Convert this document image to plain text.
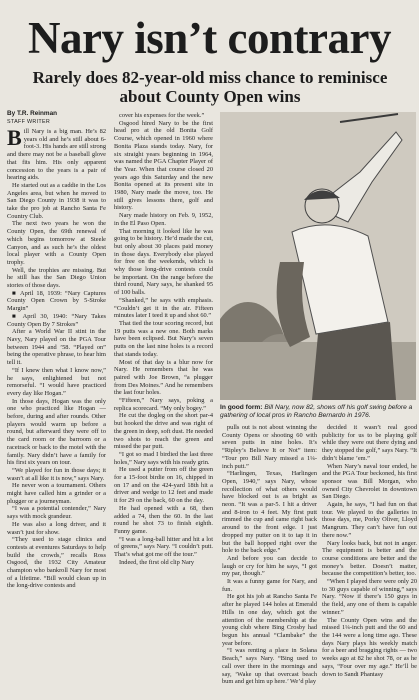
Nary isn’t contrary
Rarely does 82-year-old miss chance to reminisce about County Open wins
By T.R. Reinman
STAFF WRITER

Bill Nary is a big man. He’s 82 years old and he’s still about 6-foot-3. His hands are still strong and there may not be a baseball glove that fits him. His only apparent concession to the years is a pair of hearing aids.

He started out as a caddie in the Los Angeles area, but when he moved to San Diego County in 1938 it was to take the pro job at Rancho Santa Fe Country Club.

The next two years he won the County Open, the 69th renewal of which begins tomorrow at Steele Canyon, and as such he’s the oldest local player with a County Open trophy.

Well, the trophies are missing. But he still has the San Diego Union stories of those days.

■ April 18, 1939: “Nary Captures County Open Crown by 5-Stroke Margin”

■ April 30, 1940: “Nary Takes County Open By 7 Strokes”

After a World War II stint in the Navy, Nary played on the PGA Tour between 1944 and ’58. “Played on” being the operative phrase, to hear him tell it.

“If I knew then what I know now,” he says, enlightened but not remorseful. “I would have practiced every day like Hogan.”

In those days, Hogan was the only one who practiced like Hogan — before, during and after rounds. Other players would warm up before a round, but afterward they were off to the card room or the barroom or a racetrack or back to the motel with the family. Nary didn’t have a family for his first six years on tour.

“We played for fun in those days; it wasn’t at all like it is now,” says Nary.

He never won a tournament. Others might have called him a grinder or a plugger or a journeyman.

“I was a potential contender,” Nary says with mock grandeur.

He was also a long driver, and it wasn’t just for show.

“They used to stage clinics and contests at eventures Saturdays to help build the crowds,” recalls Ross Osgood, the 1932 City Amateur champion who bankroll Nary for most of a lifetime. “Bill would clean up in the long-drive contests and

cover his expenses for the week.”

Osgood hired Nary to be the first head pro at the old Bonita Golf Course, which opened in 1960 where Bonita Plaza stands today. Nary, for six straight years beginning in 1964, was named the PGA Chapter Player of the Year. When that course closed 20 years ago this Saturday and the new Bonita opened at its present site in 1980, Nary made the move, too. He still gives lessons there, golf and history.

Nary made history on Feb. 9, 1952, in the El Paso Open.

That morning it looked like he was going to be history. He’d made the cut, but only about 30 places paid money in those days. Everybody else played for free on the weekends, which is why those long-drive contests could be important. On the range before the third round, Nary says, he shanked 95 of 100 balls.

“Shanked,” he says with emphasis. “Couldn’t get it in the air. Fifteen minutes later I teed it up and shot 60.”

That tied the tour scoring record, but 19 putts was a new one. Both marks have been eclipsed. But Nary’s seven putts on the last nine holes is a record that stands today.

Most of that day is a blur now for Nary. He remembers that he was paired with Joe Brown, “a plugger from Des Moines.” And he remembers the last four holes.

“Fifteen,” Nary says, poking a replica scorecard. “My only bogey.”

He cut the dogleg on the short par-4 but hooked the drive and was right of the green in deep, soft dust. He needed two shots to reach the green and missed the par putt.

“I got so mad I birdied the last three holes,” Nary says with his ready grin.

He used a putter from off the green for a 15-foot birdie on 16, chipped in on 17 and on the 424-yard 18th hit a driver and wedge to 12 feet and made it for 29 on the back, 60 on the day.

He had opened with a 68, then added a 74, then the 60. In the last round he shot 73 to finish eighth. Funny game.

“I was a long-ball hitter and hit a lot of greens,” says Nary. “I couldn’t putt. That’s what got me off the tour.”

Indeed, the first old clip Nary

pulls out is not about winning the County Opens or shooting 60 with seven putts in nine holes. It’s “Ripley’s Believe It or Not” item: “Tour pro Bill Nary missed a 1¼-inch putt.”

“Harlingen, Texas, Harlingen Open, 1940,” says Nary, whose recollection of what others would have blocked out is as bright as neon. “It was a par-5. I hit a driver and 8-iron to 4 feet. My first putt rimmed the cup and came right back around to the front edge. I just dropped my putter on it to tap it in but the ball hopped right over the hole to the back edge.”

And before you can decide to laugh or cry for him he says, “I got my par, though.”

It was a funny game for Nary, and fun.

He got his job at Rancho Santa Fe after he played 144 holes at Emerald Hills in one day, which got the attention of the membership at the young club where Bing Crosby had begun his annual “Clambake” the year before.

“I was renting a place in Solana Beach,” says Nary. “Bing used to call over there in the mornings and say, ‘Wake up that overcast beach bum and get him up here.’ We’d play

decided it wasn’t real good publicity for us to be playing golf while they were out there dying and they stopped the golf,” says Nary. “It didn’t blame ’em.”

When Nary’s naval tour ended, he and the PGA Tour beckoned, his first sponsor was Bill Morgan, who owned City Chevrolet in downtown San Diego.

Again, he says, “I had fun on that tour. We played to the galleries in those days, me, Porky Oliver, Lloyd Mangrum. They can’t have fun out there now.”

Nary looks back, but not in anger. The equipment is better and the course conditions are better and the money’s better. Doesn’t matter, because the competition’s better, too.

“When I played there were only 20 to 30 guys capable of winning,” says Nary. “Now if there’s 150 guys in the field, any one of them is capable winner.”

The County Open wins and the missed 1¼-inch putt and the 60 and the 144 were a long time ago. These days Nary plays his weekly match for a beer and bragging rights — two weeks ago at 82 he shot 78, or as he says, “Four over my age.” He’ll be down to Sandi Phantasy

In good form: Bill Nary, now 82, shows off his golf swing before a gathering of local pros in Rancho Bernardo in 1976.
